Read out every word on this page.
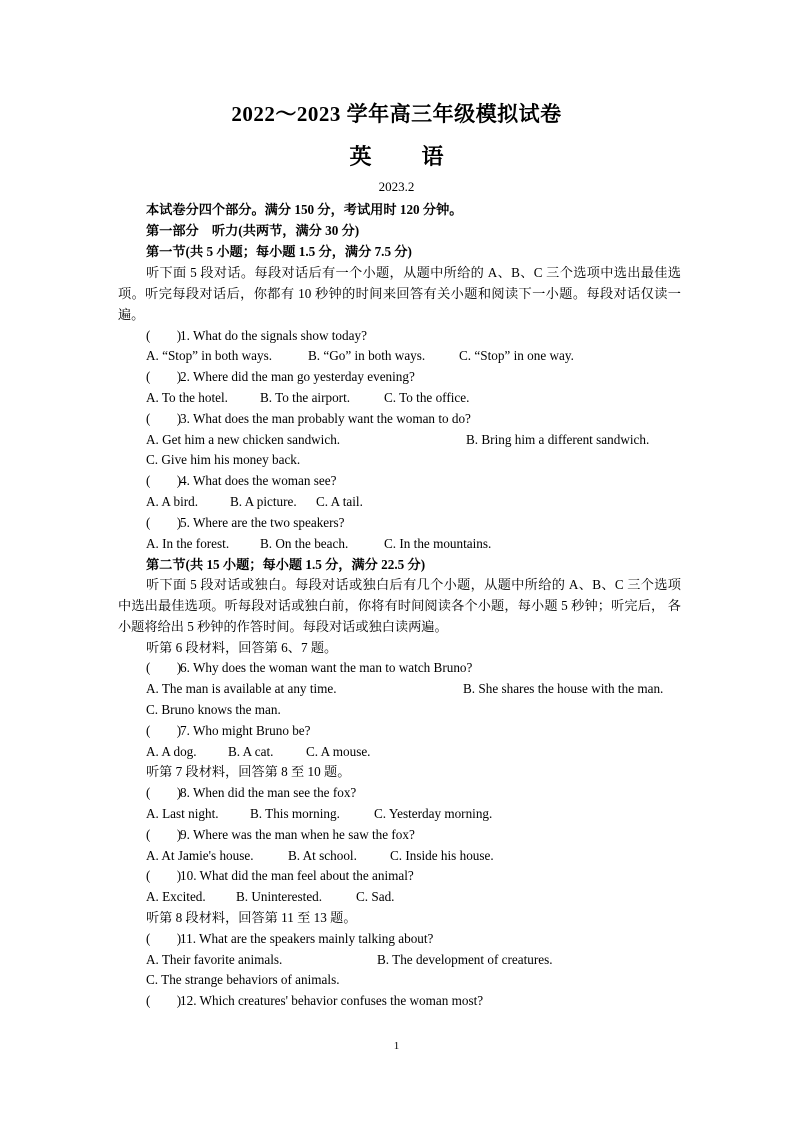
2022～2023 学年高三年级模拟试卷
英 语
2023.2
本试卷分四个部分。满分 150 分，考试用时 120 分钟。
第一部分　听力(共两节，满分 30 分)
第一节(共 5 小题；每小题 1.5 分，满分 7.5 分)
听下面 5 段对话。每段对话后有一个小题，从题中所给的 A、B、C 三个选项中选出最佳选项。听完每段对话后，你都有 10 秒钟的时间来回答有关小题和阅读下一小题。每段对话仅读一遍。
(　　)1. What do the signals show today?
A. “Stop” in both ways.	B. “Go” in both ways.	C. “Stop” in one way.
(　　)2. Where did the man go yesterday evening?
A. To the hotel. B. To the airport.	C. To the office.
(　　)3. What does the man probably want the woman to do?
A. Get him a new chicken sandwich.	B. Bring him a different sandwich.
C. Give him his money back.
(　　)4. What does the woman see?
A. A bird. B. A picture. C. A tail.
(　　)5. Where are the two speakers?
A. In the forest. B. On the beach.	C. In the mountains.
第二节(共 15 小题；每小题 1.5 分，满分 22.5 分)
听下面 5 段对话或独白。每段对话或独白后有几个小题，从题中所给的 A、B、C 三个选项 中选出最佳选项。听每段对话或独白前，你将有时间阅读各个小题，每小题 5 秒钟；听完后， 各小题将给出 5 秒钟的作答时间。每段对话或独白读两遍。
听第 6 段材料，回答第 6、7 题。
(　　)6. Why does the woman want the man to watch Bruno?
A. The man is available at any time.	B. She shares the house with the man.
C. Bruno knows the man.
(　　)7. Who might Bruno be?
A. A dog. B. A cat. C. A mouse.
听第 7 段材料，回答第 8 至 10 题。
(　　)8. When did the man see the fox?
A. Last night. B. This morning.	C. Yesterday morning.
(　　)9. Where was the man when he saw the fox?
A. At Jamie's house.	B. At school.	C. Inside his house.
(　　)10. What did the man feel about the animal?
A. Excited. B. Uninterested.	C. Sad.
听第 8 段材料，回答第 11 至 13 题。
(　　)11. What are the speakers mainly talking about?
A. Their favorite animals.	B. The development of creatures.
C. The strange behaviors of animals.
(　　)12. Which creatures' behavior confuses the woman most?
1
